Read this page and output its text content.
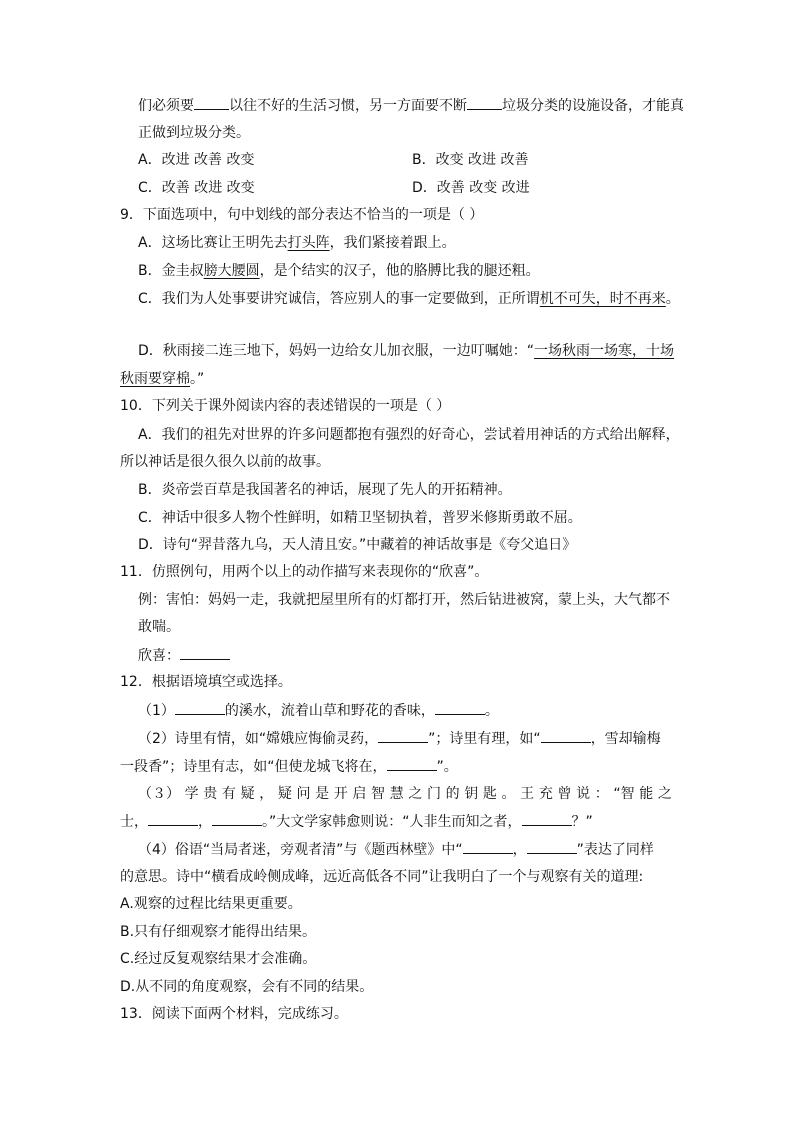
们必须要	以往不好的生活习惯，另一方面要不断	垃圾分类的设施设备，才能真
正做到垃圾分类。
A．改进 改善 改变	B．改变 改进 改善
C．改善 改进 改变	D．改善 改变 改进
9．下面选项中，句中划线的部分表达不恰当的一项是（ ）
A．这场比赛让王明先去打头阵，我们紧接着跟上。
B．金圭叔膀大腰圆，是个结实的汉子，他的胳膊比我的腿还粗。
C．我们为人处事要讲究诚信，答应别人的事一定要做到，正所谓机不可失，时不再来。
D．秋雨接二连三地下，妈妈一边给女儿加衣服，一边叮嘱她：“一场秋雨一场寒，十场
秋雨要穿棉。”
10．下列关于课外阅读内容的表述错误的一项是（ ）
A．我们的祖先对世界的许多问题都抱有强烈的好奇心，尝试着用神话的方式给出解释，
所以神话是很久很久以前的故事。
B．炎帝尝百草是我国著名的神话，展现了先人的开拓精神。
C．神话中很多人物个性鲜明，如精卫坚韧执着，普罗米修斯勇敢不屈。
D．诗句“羿昔落九乌，天人清且安。”中藏着的神话故事是《夸父追日》
11．仿照例句，用两个以上的动作描写来表现你的“欣喜”。
例：害怕：妈妈一走，我就把屋里所有的灯都打开，然后钻进被窝，蒙上头，大气都不
敢喘。
欣喜：
12．根据语境填空或选择。
（1）	的溪水，流着山草和野花的香味，	。
（2）诗里有情，如“嫦娥应悔偷灵药，	”；诗里有理，如“	，雪却输梅
一段香”；诗里有志，如“但使龙城飞将在，	”。
（３） 学 贵 有 疑 ， 疑 问 是 开 启 智 慧 之 门 的 钥 匙 。 王 充 曾 说 ： “智 能 之
士，	，	。”大文学家韩愈则说：“人非生而知之者，	？”
（4）俗语“当局者迷，旁观者清”与《题西林壁》中“	，	”表达了同样
的意思。诗中“横看成岭侧成峰，远近高低各不同”让我明白了一个与观察有关的道理:
A.观察的过程比结果更重要。
B.只有仔细观察才能得出结果。
C.经过反复观察结果才会准确。
D.从不同的角度观察，会有不同的结果。
13．阅读下面两个材料，完成练习。
